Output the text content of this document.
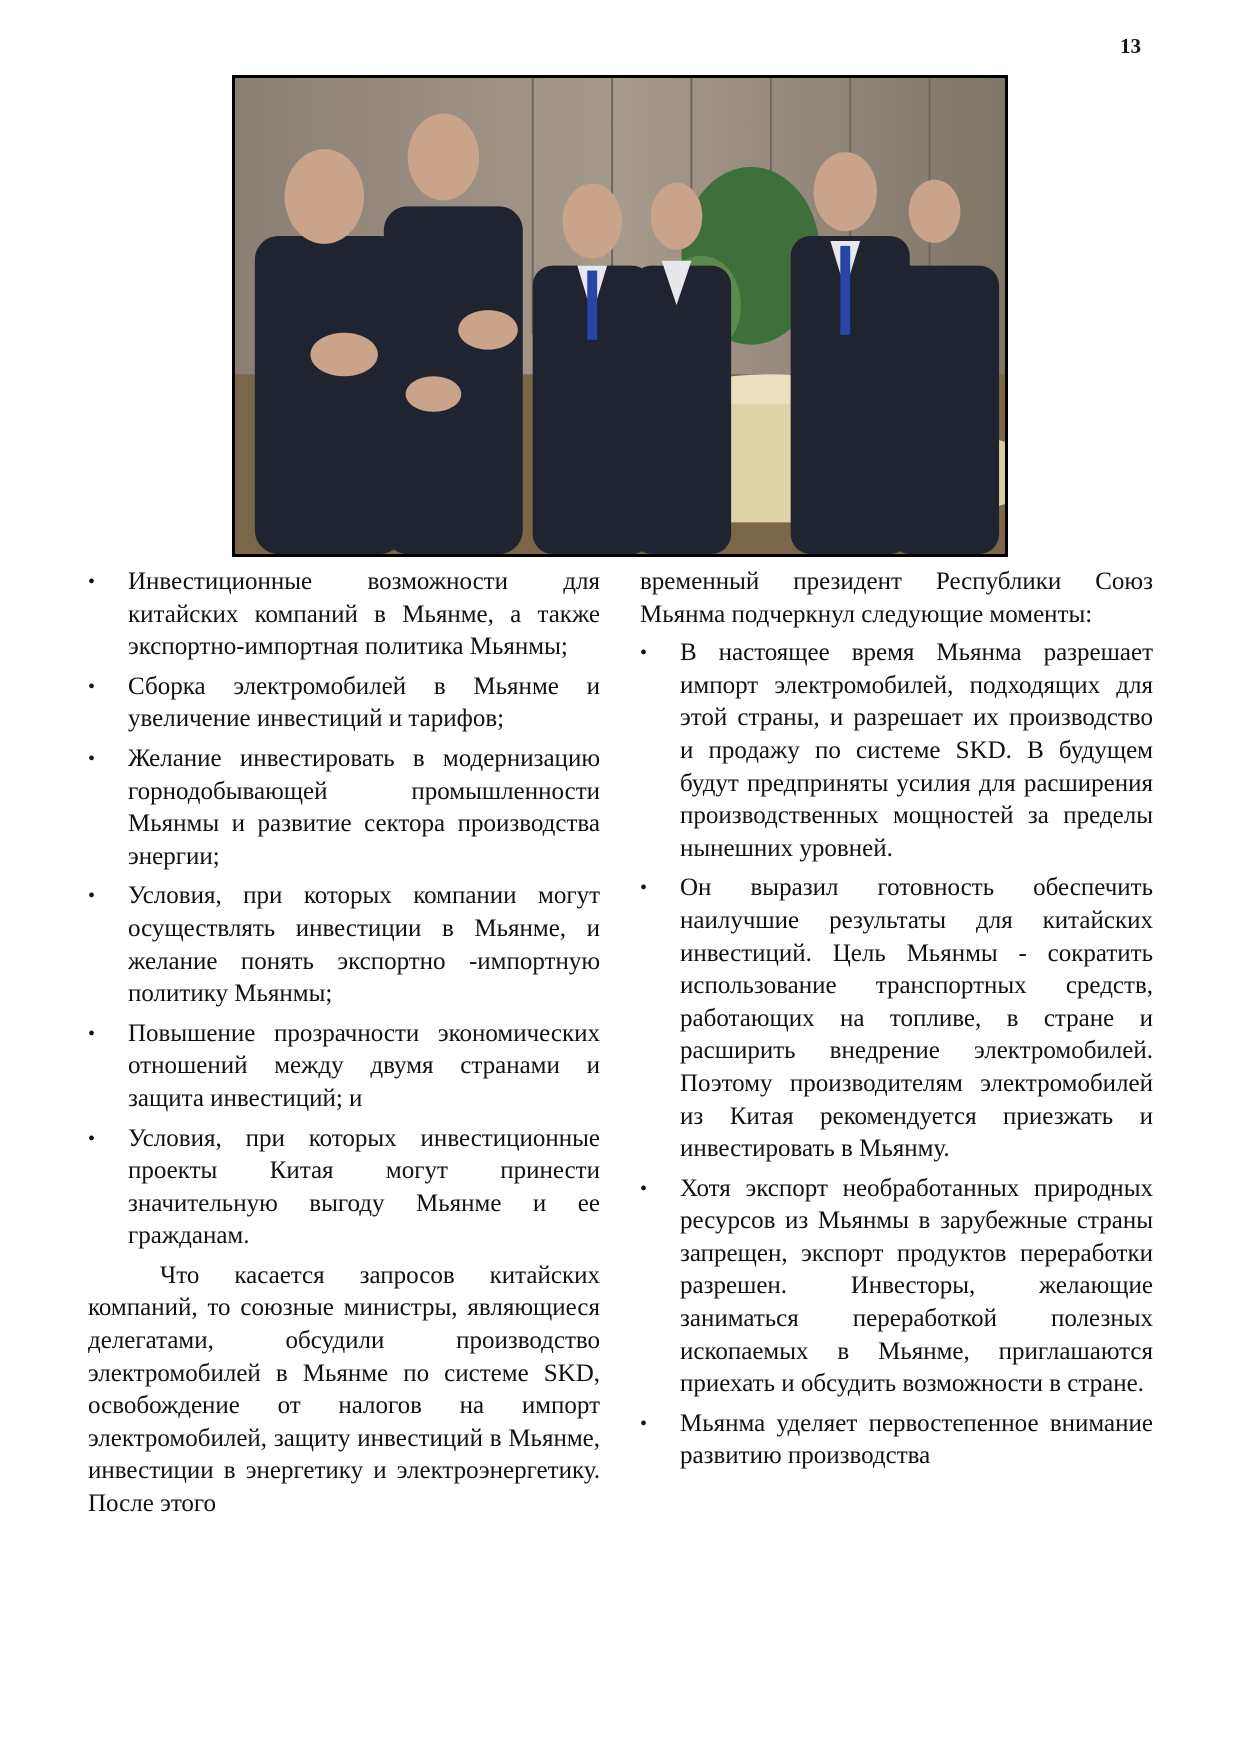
13
• Инвестиционные возможности для китайских компаний в Мьянме, а также экспортно-импортная политика Мьянмы;
• Сборка электромобилей в Мьянме и увеличение инвестиций и тарифов;
• Желание инвестировать в модернизацию горнодобывающей промышленности Мьянмы и развитие сектора производства энергии;
• Условия, при которых компании могут осуществлять инвестиции в Мьянме, и желание понять экспортно -импортную политику Мьянмы;
• Повышение прозрачности экономических отношений между двумя странами и защита инвестиций; и
• Условия, при которых инвестиционные проекты Китая могут принести значительную выгоду Мьянме и ее гражданам.

Что касается запросов китайских компаний, то союзные министры, являющиеся делегатами, обсудили производство электромобилей в Мьянме по системе SKD, освобождение от налогов на импорт электромобилей, защиту инвестиций в Мьянме, инвестиции в энергетику и электроэнергетику. После этого

временный президент Республики Союз Мьянма подчеркнул следующие моменты:

• В настоящее время Мьянма разрешает импорт электромобилей, подходящих для этой страны, и разрешает их производство и продажу по системе SKD. В будущем будут предприняты усилия для расширения производственных мощностей за пределы нынешних уровней.
• Он выразил готовность обеспечить наилучшие результаты для китайских инвестиций. Цель Мьянмы - сократить использование транспортных средств, работающих на топливе, в стране и расширить внедрение электромобилей. Поэтому производителям электромобилей из Китая рекомендуется приезжать и инвестировать в Мьянму.
• Хотя экспорт необработанных природных ресурсов из Мьянмы в зарубежные страны запрещен, экспорт продуктов переработки разрешен. Инвесторы, желающие заниматься переработкой полезных ископаемых в Мьянме, приглашаются приехать и обсудить возможности в стране.
• Мьянма уделяет первостепенное внимание развитию производства
